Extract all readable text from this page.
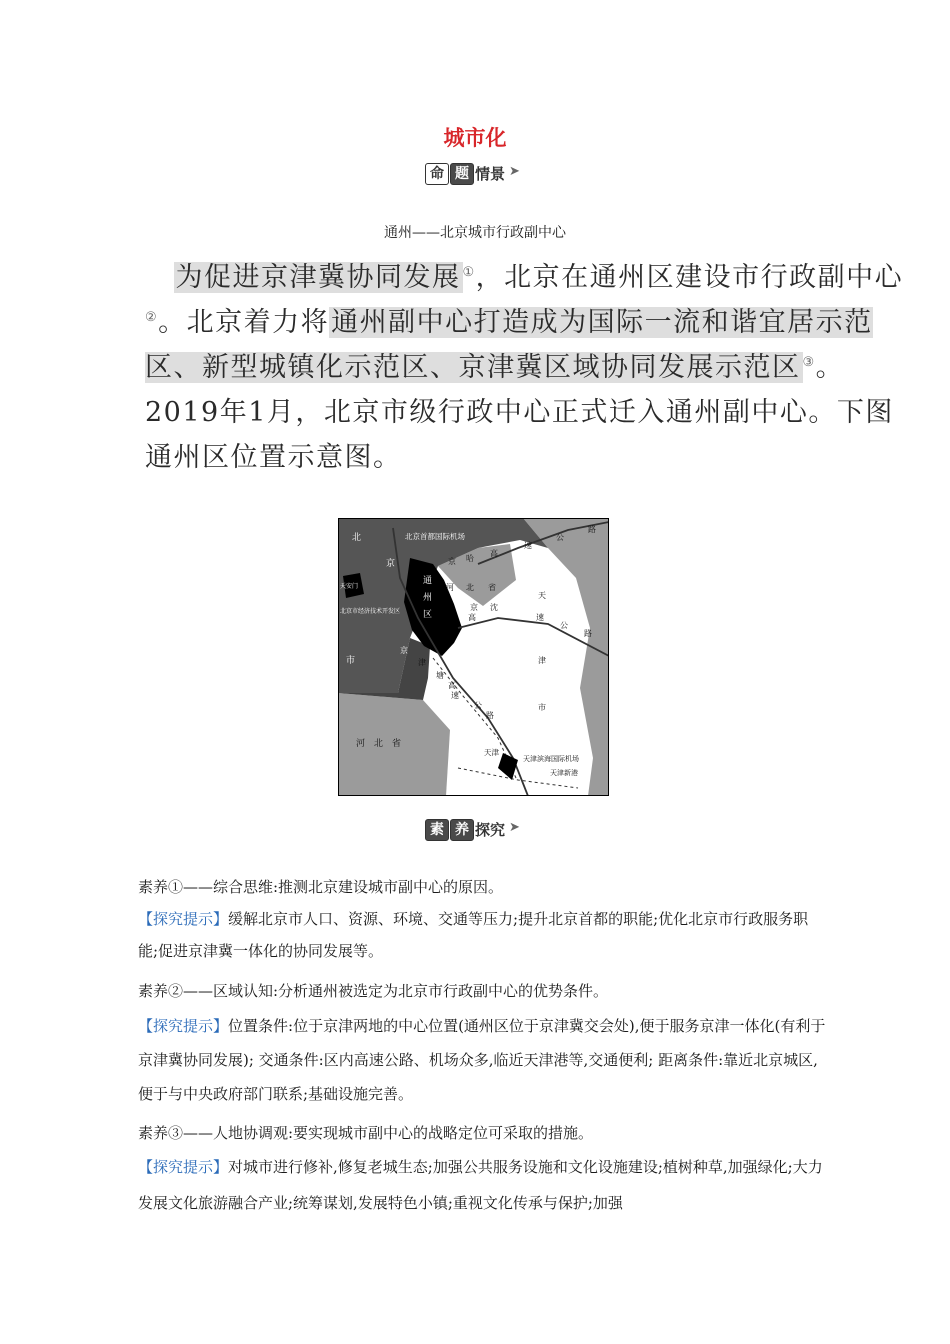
城市化
命 题 情景 ➤
通州——北京城市行政副中心
　为促进京津冀协同发展 ①，北京在通州区建设市行政副中心②。北京着力将通州副中心打造成为国际一流和谐宜居示范区、新型城镇化示范区、京津冀区域协同发展示范区 ③。2019年1月，北京市级行政中心正式迁入通州副中心。下图通州区位置示意图。
北京首都国际机场
天安门
北京市经济技术开发区
北
京
市
通
州
区
京 哈
高
速
公
路
河 北 省
京 沈
高
天
津
市
速
公
路
京
津
塘
高
速
公
路
河　北　省
天津
天津滨海国际机场
天津新港
素 养 探究 ➤
素养①——综合思维:推测北京建设城市副中心的原因。
【探究提示】缓解北京市人口、资源、环境、交通等压力;提升北京首都的职能;优化北京市行政服务职能;促进京津冀一体化的协同发展等。
素养②——区域认知:分析通州被选定为北京市行政副中心的优势条件。
【探究提示】位置条件:位于京津两地的中心位置(通州区位于京津冀交会处),便于服务京津一体化(有利于京津冀协同发展); 交通条件:区内高速公路、机场众多,临近天津港等,交通便利; 距离条件:靠近北京城区,便于与中央政府部门联系;基础设施完善。
素养③——人地协调观:要实现城市副中心的战略定位可采取的措施。
【探究提示】对城市进行修补,修复老城生态;加强公共服务设施和文化设施建设;植树种草,加强绿化;大力发展文化旅游融合产业;统筹谋划,发展特色小镇;重视文化传承与保护;加强
